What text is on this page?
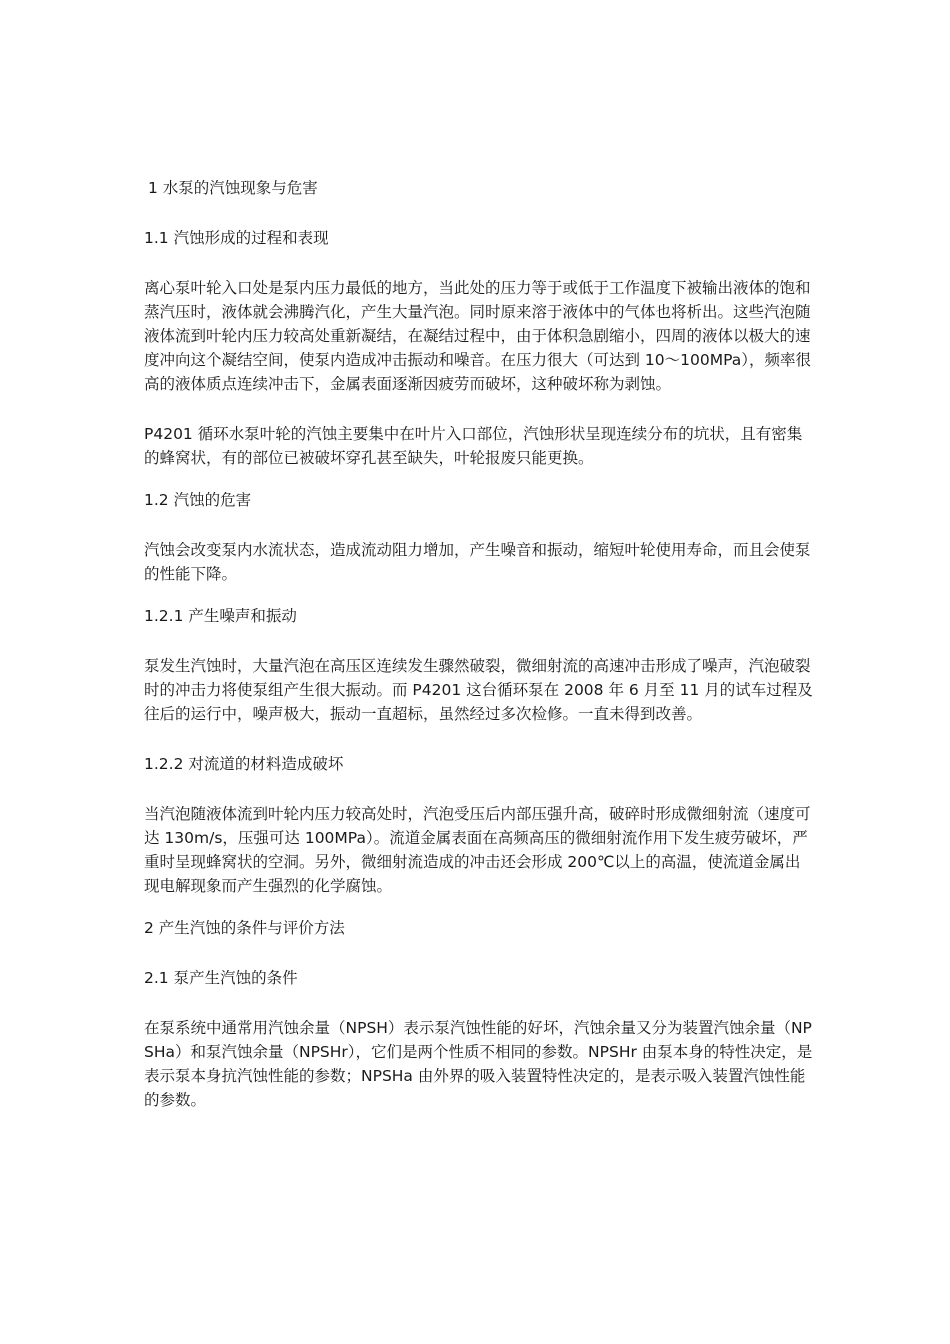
1 水泵的汽蚀现象与危害
1.1 汽蚀形成的过程和表现

离心泵叶轮入口处是泵内压力最低的地方，当此处的压力等于或低于工作温度下被输出液体的饱和蒸汽压时，液体就会沸腾汽化，产生大量汽泡。同时原来溶于液体中的气体也将析出。这些汽泡随液体流到叶轮内压力较高处重新凝结，在凝结过程中，由于体积急剧缩小，四周的液体以极大的速度冲向这个凝结空间，使泵内造成冲击振动和噪音。在压力很大（可达到 10～100MPa），频率很高的液体质点连续冲击下，金属表面逐渐因疲劳而破坏，这种破坏称为剥蚀。

P4201 循环水泵叶轮的汽蚀主要集中在叶片入口部位，汽蚀形状呈现连续分布的坑状，且有密集的蜂窝状，有的部位已被破坏穿孔甚至缺失，叶轮报废只能更换。

1.2 汽蚀的危害

汽蚀会改变泵内水流状态，造成流动阻力增加，产生噪音和振动，缩短叶轮使用寿命，而且会使泵的性能下降。

1.2.1 产生噪声和振动

泵发生汽蚀时，大量汽泡在高压区连续发生骤然破裂，微细射流的高速冲击形成了噪声，汽泡破裂时的冲击力将使泵组产生很大振动。而 P4201 这台循环泵在 2008 年 6 月至 11 月的试车过程及往后的运行中，噪声极大，振动一直超标，虽然经过多次检修。一直未得到改善。

1.2.2 对流道的材料造成破坏

当汽泡随液体流到叶轮内压力较高处时，汽泡受压后内部压强升高，破碎时形成微细射流（速度可达 130m/s，压强可达 100MPa）。流道金属表面在高频高压的微细射流作用下发生疲劳破坏，严重时呈现蜂窝状的空洞。另外，微细射流造成的冲击还会形成 200℃以上的高温，使流道金属出现电解现象而产生强烈的化学腐蚀。

2 产生汽蚀的条件与评价方法
2.1 泵产生汽蚀的条件

在泵系统中通常用汽蚀余量（NPSH）表示泵汽蚀性能的好坏，汽蚀余量又分为装置汽蚀余量（NPSHa）和泵汽蚀余量（NPSHr），它们是两个性质不相同的参数。NPSHr 由泵本身的特性决定，是表示泵本身抗汽蚀性能的参数；NPSHa 由外界的吸入装置特性决定的，是表示吸入装置汽蚀性能的参数。
